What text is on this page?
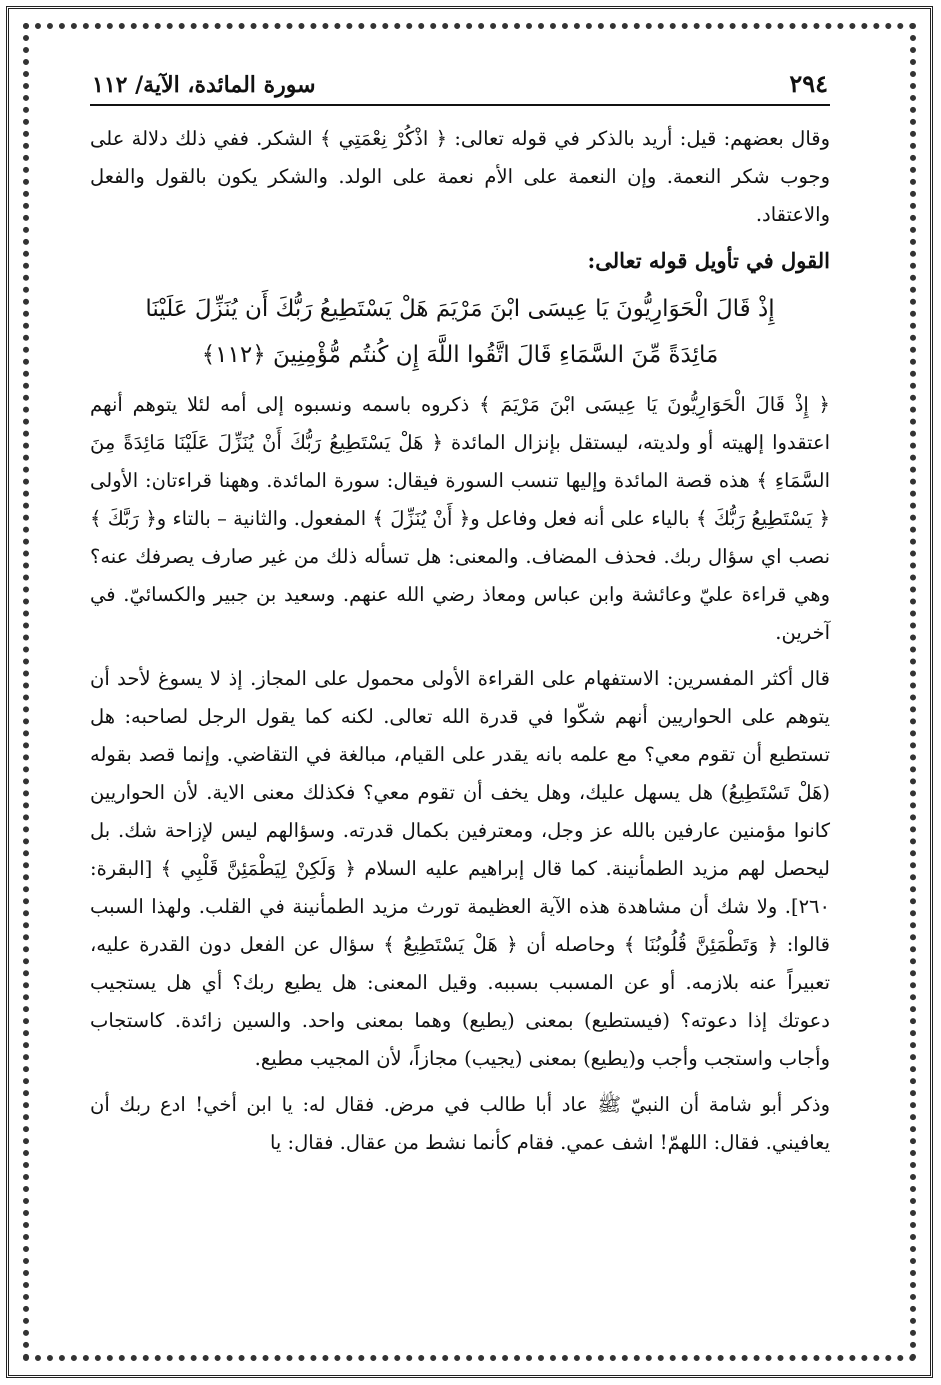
٢٩٤
سورة المائدة، الآية/ ١١٢

وقال بعضهم: قيل: أريد بالذكر في قوله تعالى: ﴿ اذْكُرْ نِعْمَتِي ﴾ الشكر. ففي ذلك دلالة على وجوب شكر النعمة. وإن النعمة على الأم نعمة على الولد. والشكر يكون بالقول والفعل والاعتقاد.

القول في تأويل قوله تعالى:
إِذْ قَالَ الْحَوَارِيُّونَ يَا عِيسَى ابْنَ مَرْيَمَ هَلْ يَسْتَطِيعُ رَبُّكَ أَن يُنَزِّلَ عَلَيْنَا
مَائِدَةً مِّنَ السَّمَاءِ قَالَ اتَّقُوا اللَّهَ إِن كُنتُم مُّؤْمِنِينَ ﴿١١٢﴾

﴿ إِذْ قَالَ الْحَوَارِيُّونَ يَا عِيسَى ابْنَ مَرْيَمَ ﴾ ذكروه باسمه ونسبوه إلى أمه لئلا يتوهم أنهم اعتقدوا إلهيته أو ولديته، ليستقل بإنزال المائدة ﴿ هَلْ يَسْتَطِيعُ رَبُّكَ أَنْ يُنَزِّلَ عَلَيْنَا مَائِدَةً مِنَ السَّمَاءِ ﴾ هذه قصة المائدة وإليها تنسب السورة فيقال: سورة المائدة. وههنا قراءتان: الأولى ﴿ يَسْتَطِيعُ رَبُّكَ ﴾ بالياء على أنه فعل وفاعل و﴿ أَنْ يُنَزِّلَ ﴾ المفعول. والثانية – بالتاء و﴿ رَبَّكَ ﴾ نصب اي سؤال ربك. فحذف المضاف. والمعنى: هل تسأله ذلك من غير صارف يصرفك عنه؟ وهي قراءة عليّ وعائشة وابن عباس ومعاذ رضي الله عنهم. وسعيد بن جبير والكسائيّ. في آخرين.

قال أكثر المفسرين: الاستفهام على القراءة الأولى محمول على المجاز. إذ لا يسوغ لأحد أن يتوهم على الحواريين أنهم شكّوا في قدرة الله تعالى. لكنه كما يقول الرجل لصاحبه: هل تستطيع أن تقوم معي؟ مع علمه بانه يقدر على القيام، مبالغة في التقاضي. وإنما قصد بقوله (هَلْ تَسْتَطِيعُ) هل يسهل عليك، وهل يخف أن تقوم معي؟ فكذلك معنى الاية. لأن الحواريين كانوا مؤمنين عارفين بالله عز وجل، ومعترفين بكمال قدرته. وسؤالهم ليس لإزاحة شك. بل ليحصل لهم مزيد الطمأنينة. كما قال إبراهيم عليه السلام ﴿ وَلَكِنْ لِيَطْمَئِنَّ قَلْبِي ﴾ [البقرة: ٢٦٠]. ولا شك أن مشاهدة هذه الآية العظيمة تورث مزيد الطمأنينة في القلب. ولهذا السبب قالوا: ﴿ وَتَطْمَئِنَّ قُلُوبُنَا ﴾ وحاصله أن ﴿ هَلْ يَسْتَطِيعُ ﴾ سؤال عن الفعل دون القدرة عليه، تعبيراً عنه بلازمه. أو عن المسبب بسببه. وقيل المعنى: هل يطيع ربك؟ أي هل يستجيب دعوتك إذا دعوته؟ (فيستطيع) بمعنى (يطيع) وهما بمعنى واحد. والسين زائدة. كاستجاب وأجاب واستجب وأجب و(يطيع) بمعنى (يجيب) مجازاً، لأن المجيب مطيع.

وذكر أبو شامة أن النبيّ ﷺ عاد أبا طالب في مرض. فقال له: يا ابن أخي! ادع ربك أن يعافيني. فقال: اللهمّ! اشف عمي. فقام كأنما نشط من عقال. فقال: يا
